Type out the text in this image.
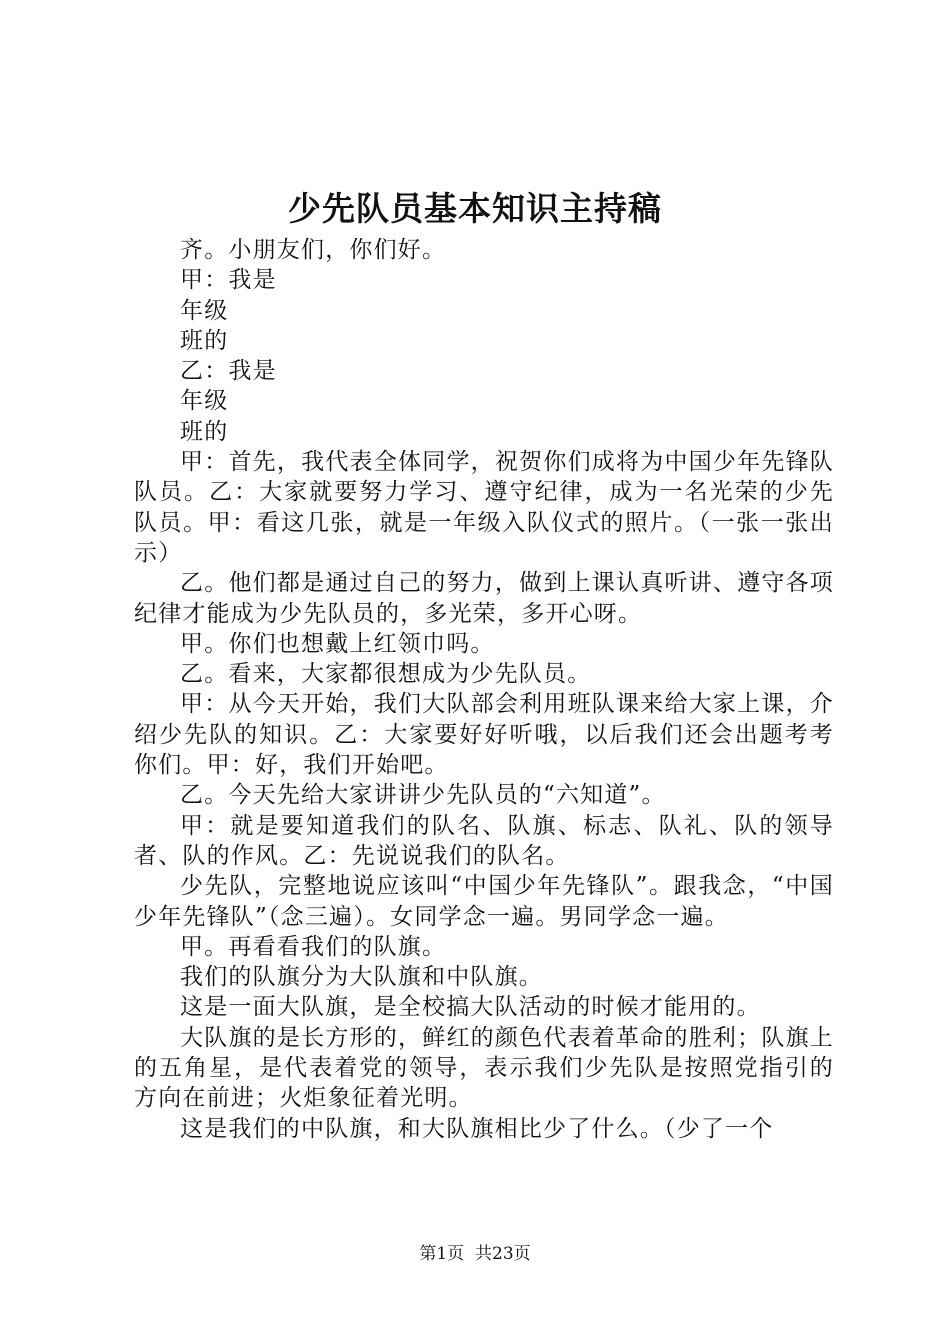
少先队员基本知识主持稿

齐。小朋友们，你们好。

甲：我是

年级

班的

乙：我是

年级

班的

甲：首先，我代表全体同学，祝贺你们成将为中国少年先锋队队员。乙：大家就要努力学习、遵守纪律，成为一名光荣的少先队员。甲：看这几张，就是一年级入队仪式的照片。（一张一张出示）

乙。他们都是通过自己的努力，做到上课认真听讲、遵守各项纪律才能成为少先队员的，多光荣，多开心呀。

甲。你们也想戴上红领巾吗。

乙。看来，大家都很想成为少先队员。

甲：从今天开始，我们大队部会利用班队课来给大家上课，介绍少先队的知识。乙：大家要好好听哦，以后我们还会出题考考你们。甲：好，我们开始吧。

乙。今天先给大家讲讲少先队员的“六知道”。

甲：就是要知道我们的队名、队旗、标志、队礼、队的领导者、队的作风。乙：先说说我们的队名。

少先队，完整地说应该叫“中国少年先锋队”。跟我念，“中国少年先锋队”（念三遍）。女同学念一遍。男同学念一遍。

甲。再看看我们的队旗。

我们的队旗分为大队旗和中队旗。

这是一面大队旗，是全校搞大队活动的时候才能用的。

大队旗的是长方形的，鲜红的颜色代表着革命的胜利；队旗上的五角星，是代表着党的领导，表示我们少先队是按照党指引的方向在前进；火炬象征着光明。

这是我们的中队旗，和大队旗相比少了什么。（少了一个

第1页 共23页
